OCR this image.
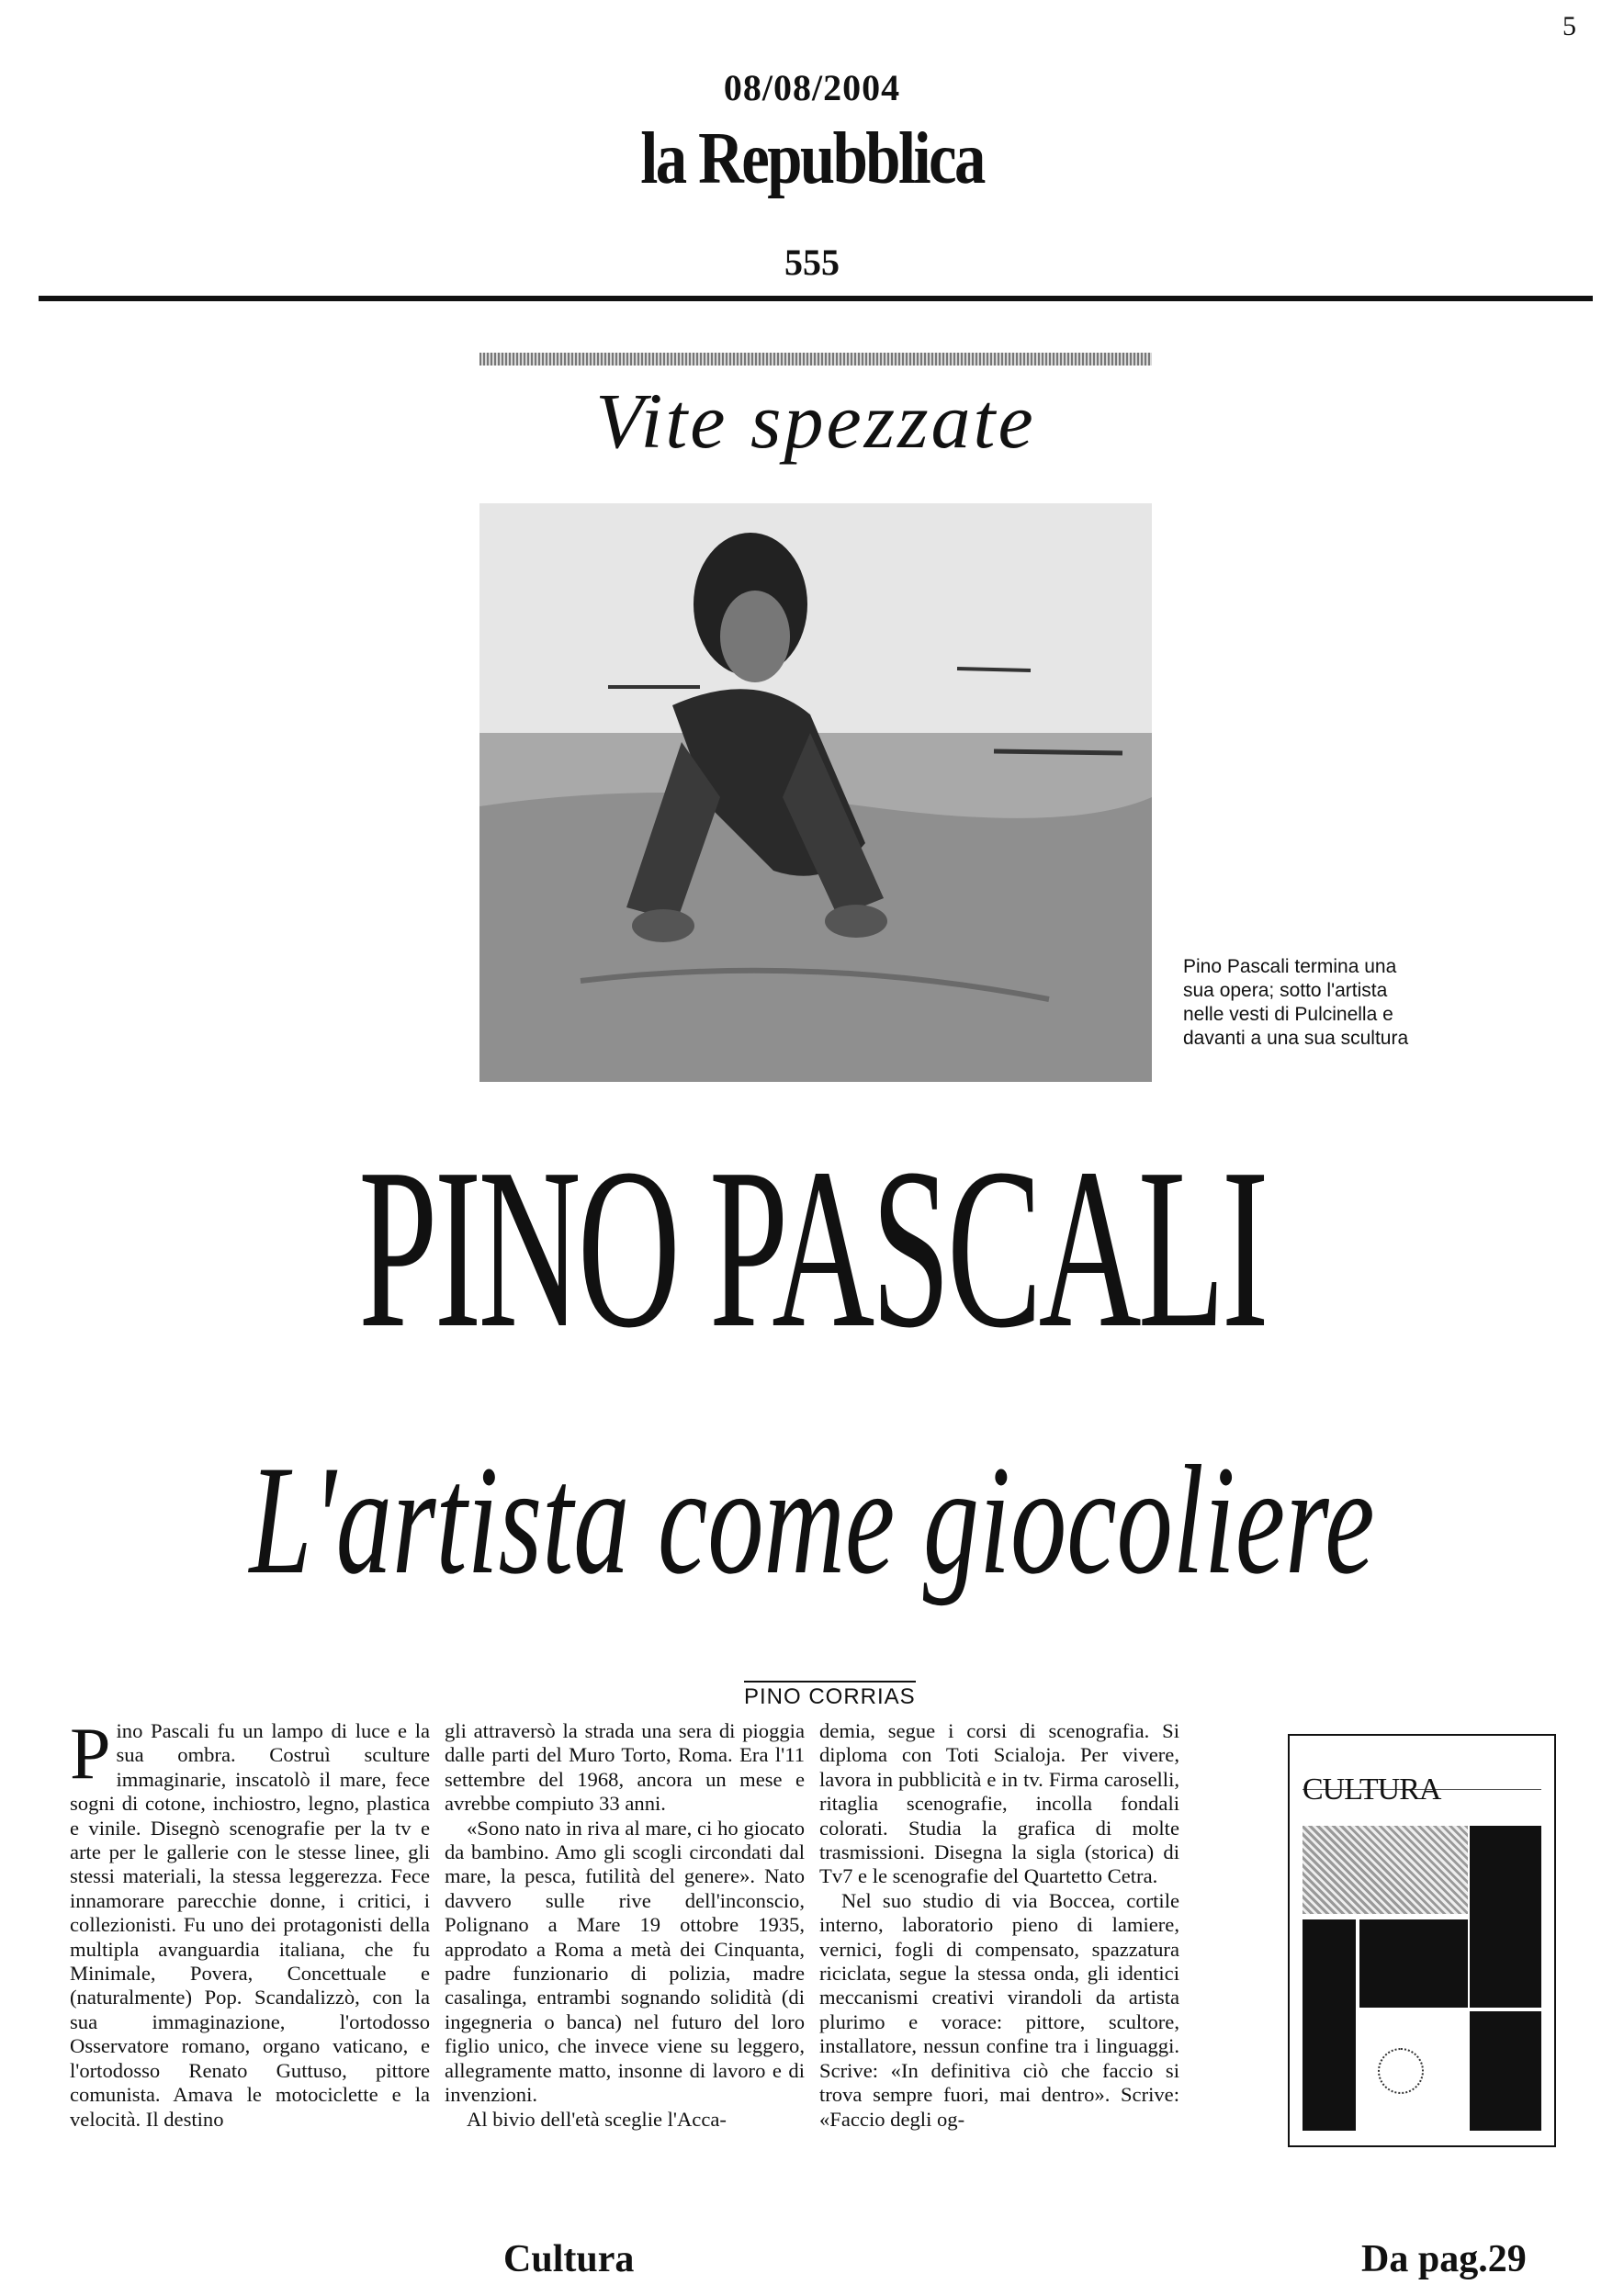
5
08/08/2004
la Repubblica
555
Vite spezzate
Pino Pascali termina una sua opera; sotto l'artista nelle vesti di Pulcinella e davanti a una sua scultura
PINO PASCALI
L'artista come giocoliere
PINO CORRIAS

Pino Pascali fu un lampo di luce e la sua ombra. Costruì sculture immaginarie, inscatolò il mare, fece sogni di cotone, inchiostro, legno, plastica e vinile. Disegnò scenografie per la tv e arte per le gallerie con le stesse linee, gli stessi materiali, la stessa leggerezza. Fece innamorare parecchie donne, i critici, i collezionisti. Fu uno dei protagonisti della multipla avanguardia italiana, che fu Minimale, Povera, Concettuale e (naturalmente) Pop. Scandalizzò, con la sua immaginazione, l'ortodosso Osservatore romano, organo vaticano, e l'ortodosso Renato Guttuso, pittore comunista. Amava le motociclette e la velocità. Il destino

gli attraversò la strada una sera di pioggia dalle parti del Muro Torto, Roma. Era l'11 settembre del 1968, ancora un mese e avrebbe compiuto 33 anni.

«Sono nato in riva al mare, ci ho giocato da bambino. Amo gli scogli circondati dal mare, la pesca, futilità del genere». Nato davvero sulle rive dell'inconscio, Polignano a Mare 19 ottobre 1935, approdato a Roma a metà dei Cinquanta, padre funzionario di polizia, madre casalinga, entrambi sognando solidità (di ingegneria o banca) nel futuro del loro figlio unico, che invece viene su leggero, allegramente matto, insonne di lavoro e di invenzioni.

Al bivio dell'età sceglie l'Acca-

demia, segue i corsi di scenografia. Si diploma con Toti Scialoja. Per vivere, lavora in pubblicità e in tv. Firma caroselli, ritaglia scenografie, incolla fondali colorati. Studia la grafica di molte trasmissioni. Disegna la sigla (storica) di Tv7 e le scenografie del Quartetto Cetra.

Nel suo studio di via Boccea, cortile interno, laboratorio pieno di lamiere, vernici, fogli di compensato, spazzatura riciclata, segue la stessa onda, gli identici meccanismi creativi virandoli da artista plurimo e vorace: pittore, scultore, installatore, nessun confine tra i linguaggi. Scrive: «In definitiva ciò che faccio si trova sempre fuori, mai dentro». Scrive: «Faccio degli og-

CULTURA
Cultura	Da pag.29
